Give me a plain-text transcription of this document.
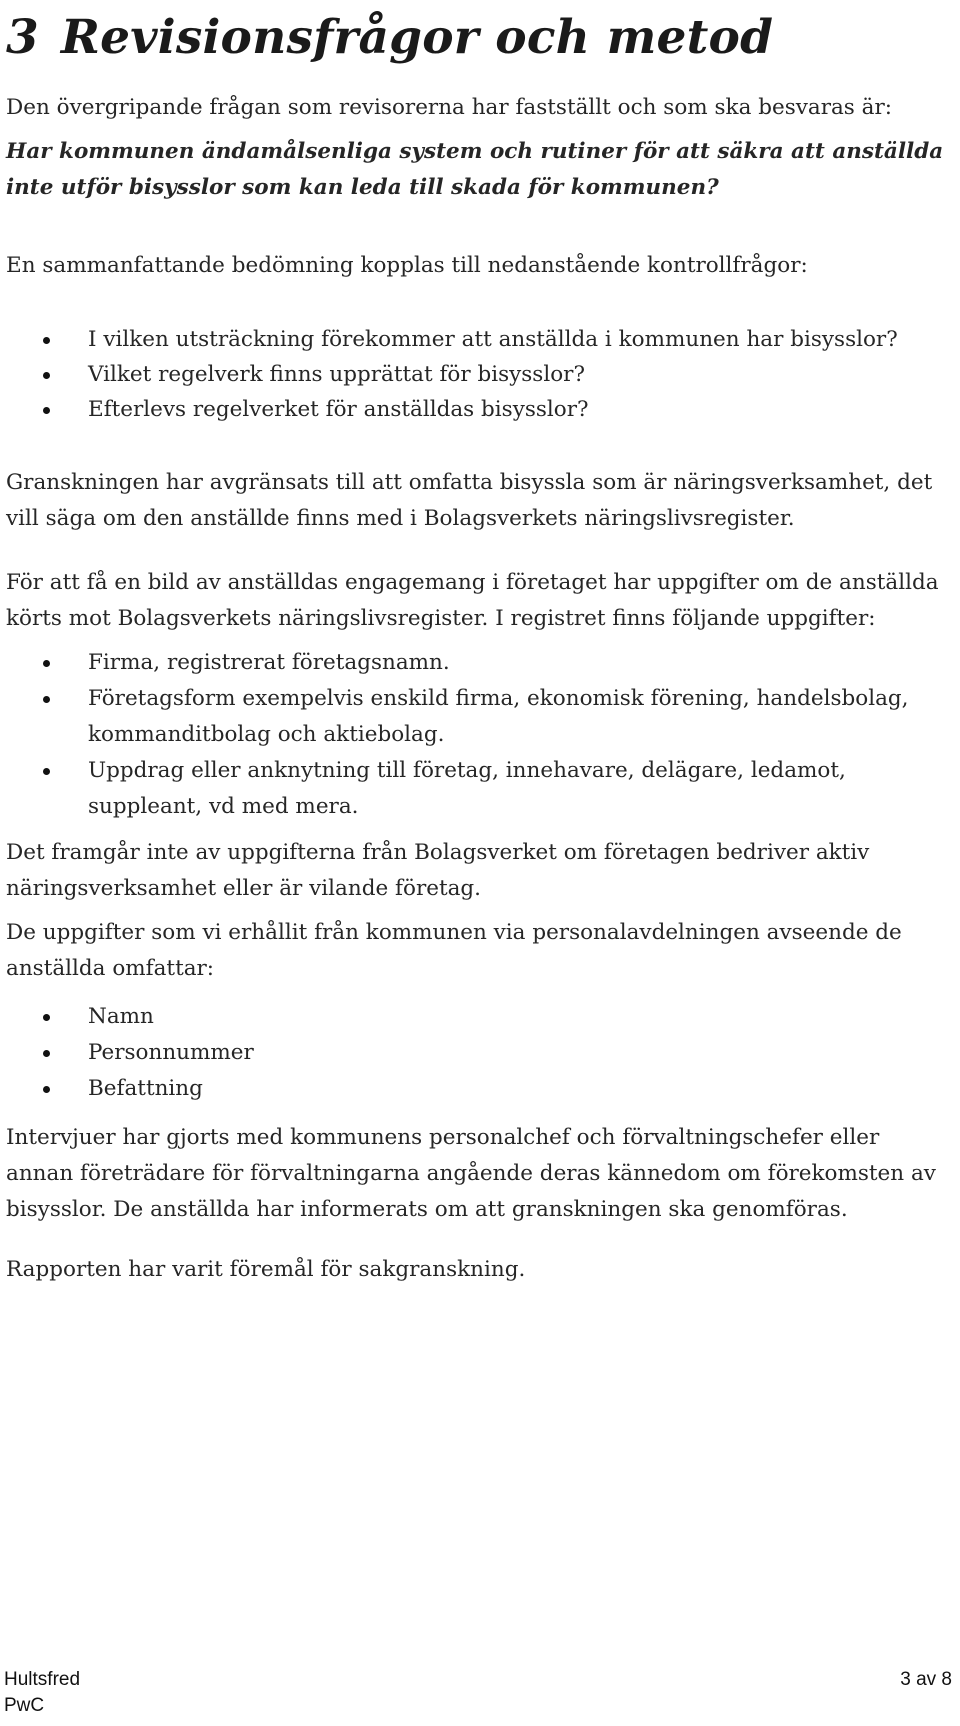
3 Revisionsfrågor och metod

Den övergripande frågan som revisorerna har fastställt och som ska besvaras är:

Har kommunen ändamålsenliga system och rutiner för att säkra att anställda inte utför bisysslor som kan leda till skada för kommunen?

En sammanfattande bedömning kopplas till nedanstående kontrollfrågor:

I vilken utsträckning förekommer att anställda i kommunen har bisysslor?
Vilket regelverk finns upprättat för bisysslor?
Efterlevs regelverket för anställdas bisysslor?

Granskningen har avgränsats till att omfatta bisyssla som är näringsverksamhet, det vill säga om den anställde finns med i Bolagsverkets näringslivsregister.

För att få en bild av anställdas engagemang i företaget har uppgifter om de anställda körts mot Bolagsverkets näringslivsregister. I registret finns följande uppgifter:

Firma, registrerat företagsnamn.
Företagsform exempelvis enskild firma, ekonomisk förening, handelsbolag, kommanditbolag och aktiebolag.
Uppdrag eller anknytning till företag, innehavare, delägare, ledamot, suppleant, vd med mera.

Det framgår inte av uppgifterna från Bolagsverket om företagen bedriver aktiv näringsverksamhet eller är vilande företag.

De uppgifter som vi erhållit från kommunen via personalavdelningen avseende de anställda omfattar:

Namn
Personnummer
Befattning

Intervjuer har gjorts med kommunens personalchef och förvaltningschefer eller annan företrädare för förvaltningarna angående deras kännedom om förekomsten av bisysslor. De anställda har informerats om att granskningen ska genomföras.

Rapporten har varit föremål för sakgranskning.

Hultsfred
PwC
3 av 8
